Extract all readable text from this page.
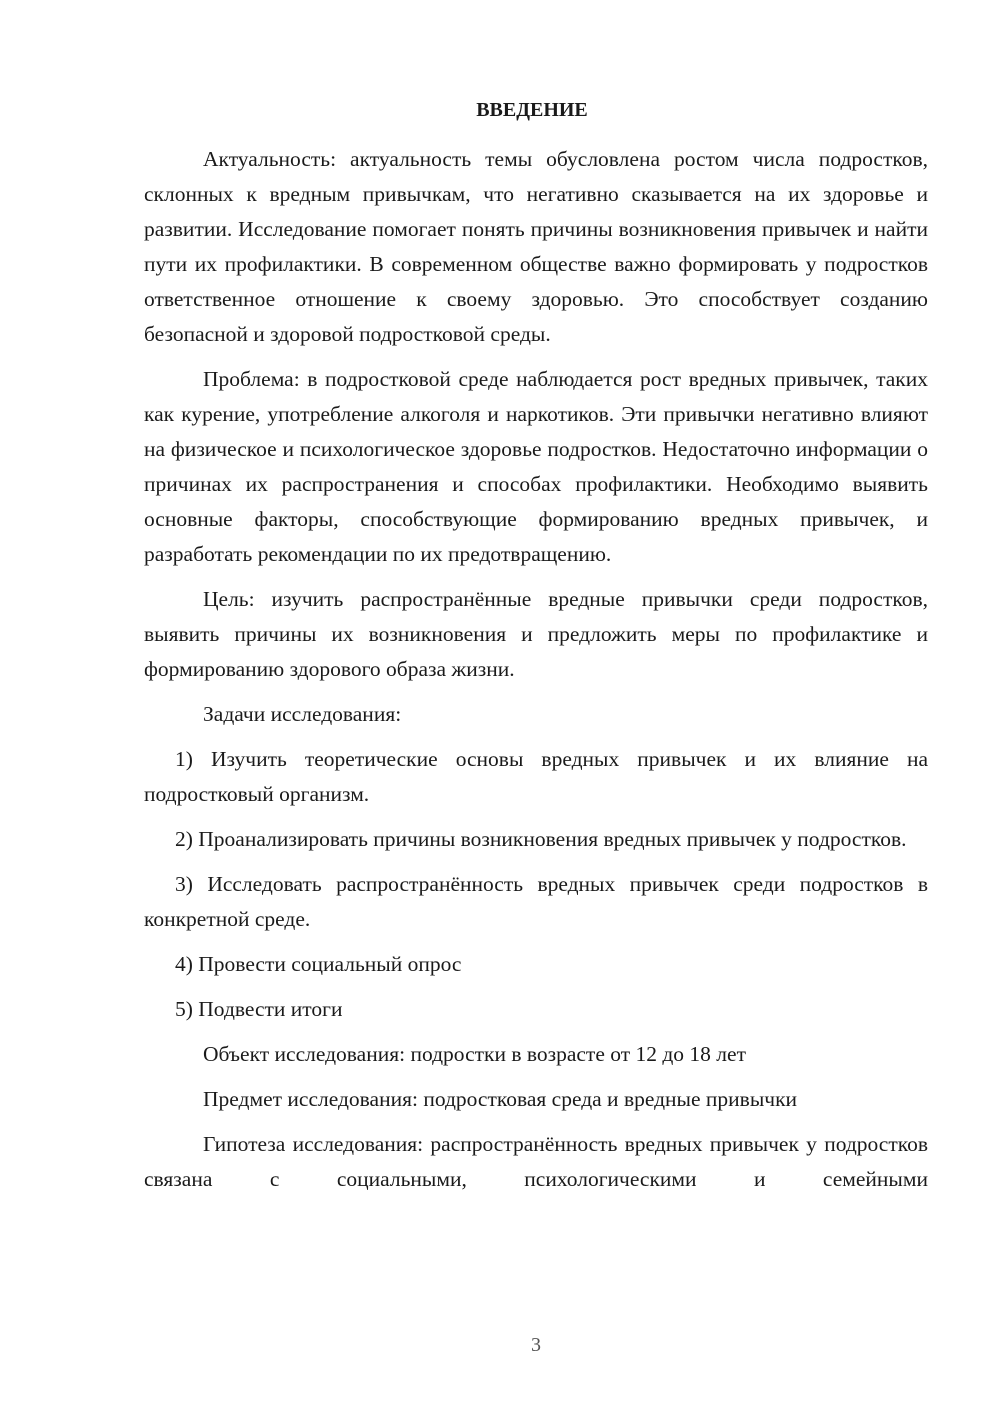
ВВЕДЕНИЕ

Актуальность: актуальность темы обусловлена ростом числа подростков, склонных к вредным привычкам, что негативно сказывается на их здоровье и развитии. Исследование помогает понять причины возникновения привычек и найти пути их профилактики. В современном обществе важно формировать у подростков ответственное отношение к своему здоровью. Это способствует созданию безопасной и здоровой подростковой среды.

Проблема: в подростковой среде наблюдается рост вредных привычек, таких как курение, употребление алкоголя и наркотиков. Эти привычки негативно влияют на физическое и психологическое здоровье подростков. Недостаточно информации о причинах их распространения и способах профилактики. Необходимо выявить основные факторы, способствующие формированию вредных привычек, и разработать рекомендации по их предотвращению.

Цель: изучить распространённые вредные привычки среди подростков, выявить причины их возникновения и предложить меры по профилактике и формированию здорового образа жизни.

Задачи исследования:

1) Изучить теоретические основы вредных привычек и их влияние на подростковый организм.

2) Проанализировать причины возникновения вредных привычек у подростков.

3) Исследовать распространённость вредных привычек среди подростков в конкретной среде.

4) Провести социальный опрос

5) Подвести итоги

Объект исследования: подростки в возрасте от 12 до 18 лет

Предмет исследования: подростковая среда и вредные привычки

Гипотеза исследования: распространённость вредных привычек у подростков связана с социальными, психологическими и семейными

3
